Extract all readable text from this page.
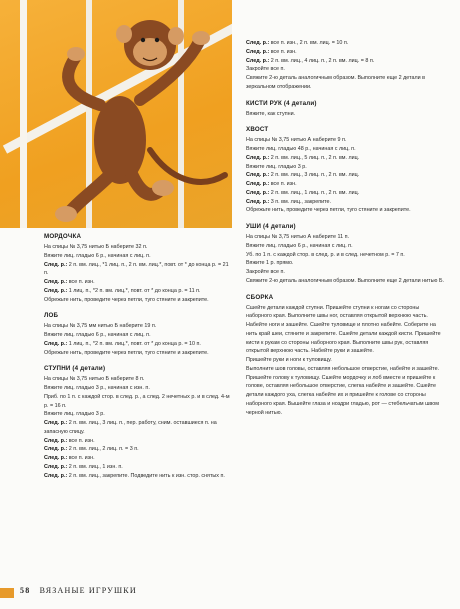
МОРДОЧКА

На спицы № 3,75 нитью Б наберите 32 п.

Вяжите лиц. гладью 6 р., начиная с лиц. п.

След. р.: 2 п. вм. лиц., *1 лиц. п., 2 п. вм. лиц.*, повт. от * до конца р. = 21 п.

След. р.: все п. изн.

След. р.: 1 лиц. п., *2 п. вм. лиц.*, повт. от * до конца р. = 11 п.

Обрежьте нить, проведите через петли, туго стяните и закрепите.

ЛОБ

На спицы № 3,75 мм нитью Б наберите 19 п.

Вяжите лиц. гладью 6 р., начиная с лиц. п.

След. р.: 1 лиц. п., *2 п. вм. лиц.*, повт. от * до конца р. = 10 п.

Обрежьте нить, проведите через петли, туго стяните и закрепите.

СТУПНИ (4 детали)

На спицы № 3,75 нитью Б наберите 8 п.

Вяжите лиц. гладью 3 р., начиная с изн. п.

Приб. по 1 п. с каждой стор. в след. р., а след. 2 нечетных р. и в след. 4-м р. = 16 п.

Вяжите лиц. гладью 3 р.

След. р.: 2 п. вм. лиц., 3 лиц. п., пер. работу, сним. оставшиеся п. на запасную спицу.

След. р.: все п. изн.

След. р.: 2 п. вм. лиц., 2 лиц. п. = 3 п.

След. р.: все п. изн.

След. р.: 2 п. вм. лиц., 1 изн. п.

След. р.: 2 п. вм. лиц., закрепите. Подведите нить к изн. стор. снятых п.

След. р.: все п. изн., 2 п. вм. лиц. = 10 п.

След. р.: все п. изн.

След. р.: 2 п. вм. лиц., 4 лиц. п., 2 п. вм. лиц. = 8 п.

Закройте все п.

Свяжите 2-ю деталь аналогичным образом. Выполните еще 2 детали в зеркальном отображении.

КИСТИ РУК (4 детали)

Вяжите, как ступни.

ХВОСТ

На спицы № 3,75 нитью А наберите 9 п.

Вяжите лиц. гладью 48 р., начиная с лиц. п.

След. р.: 2 п. вм. лиц., 5 лиц. п., 2 п. вм. лиц.

Вяжите лиц. гладью 3 р.

След. р.: 2 п. вм. лиц., 3 лиц. п., 2 п. вм. лиц.

След. р.: все п. изн.

След. р.: 2 п. вм. лиц., 1 лиц. п., 2 п. вм. лиц.

След. р.: 3 п. вм. лиц., закрепите.

Обрежьте нить, проведите через петли, туго стяните и закрепите.

УШИ (4 детали)

На спицы № 3,75 нитью А наберите 11 п.

Вяжите лиц. гладью 6 р., начиная с лиц. п.

Уб. по 1 п. с каждой стор. в след. р. и в след. нечетном р. = 7 п.

Вяжите 1 р. прямо.

Закройте все п.

Свяжите 2-ю деталь аналогичным образом. Выполните еще 2 детали нитью Б.

СБОРКА

Сшейте детали каждой ступни. Пришейте ступни к ногам со стороны наборного края. Выполните швы ног, оставляя открытой верхнюю часть. Набейте ноги и зашейте. Сшейте туловище и плотно набейте. Соберите на нить край шеи, стяните и закрепите. Сшейте детали каждой кисти. Пришейте кисти к рукам со стороны наборного края. Выполните швы рук, оставляя открытой верхнюю часть. Набейте руки и зашейте.

Пришейте руки и ноги к туловищу.

Выполните шов головы, оставляя небольшое отверстие, набейте и зашейте. Пришейте голову к туловищу. Сшейте мордочку и лоб вместе и пришейте к голове, оставляя небольшое отверстие, слегка набейте и зашейте. Сшейте детали каждого уха, слегка набейте их и пришейте к голове со стороны наборного края. Вышейте глаза и ноздри гладью, рот — стебельчатым швом черной нитью.

58 ВЯЗАНЫЕ ИГРУШКИ
